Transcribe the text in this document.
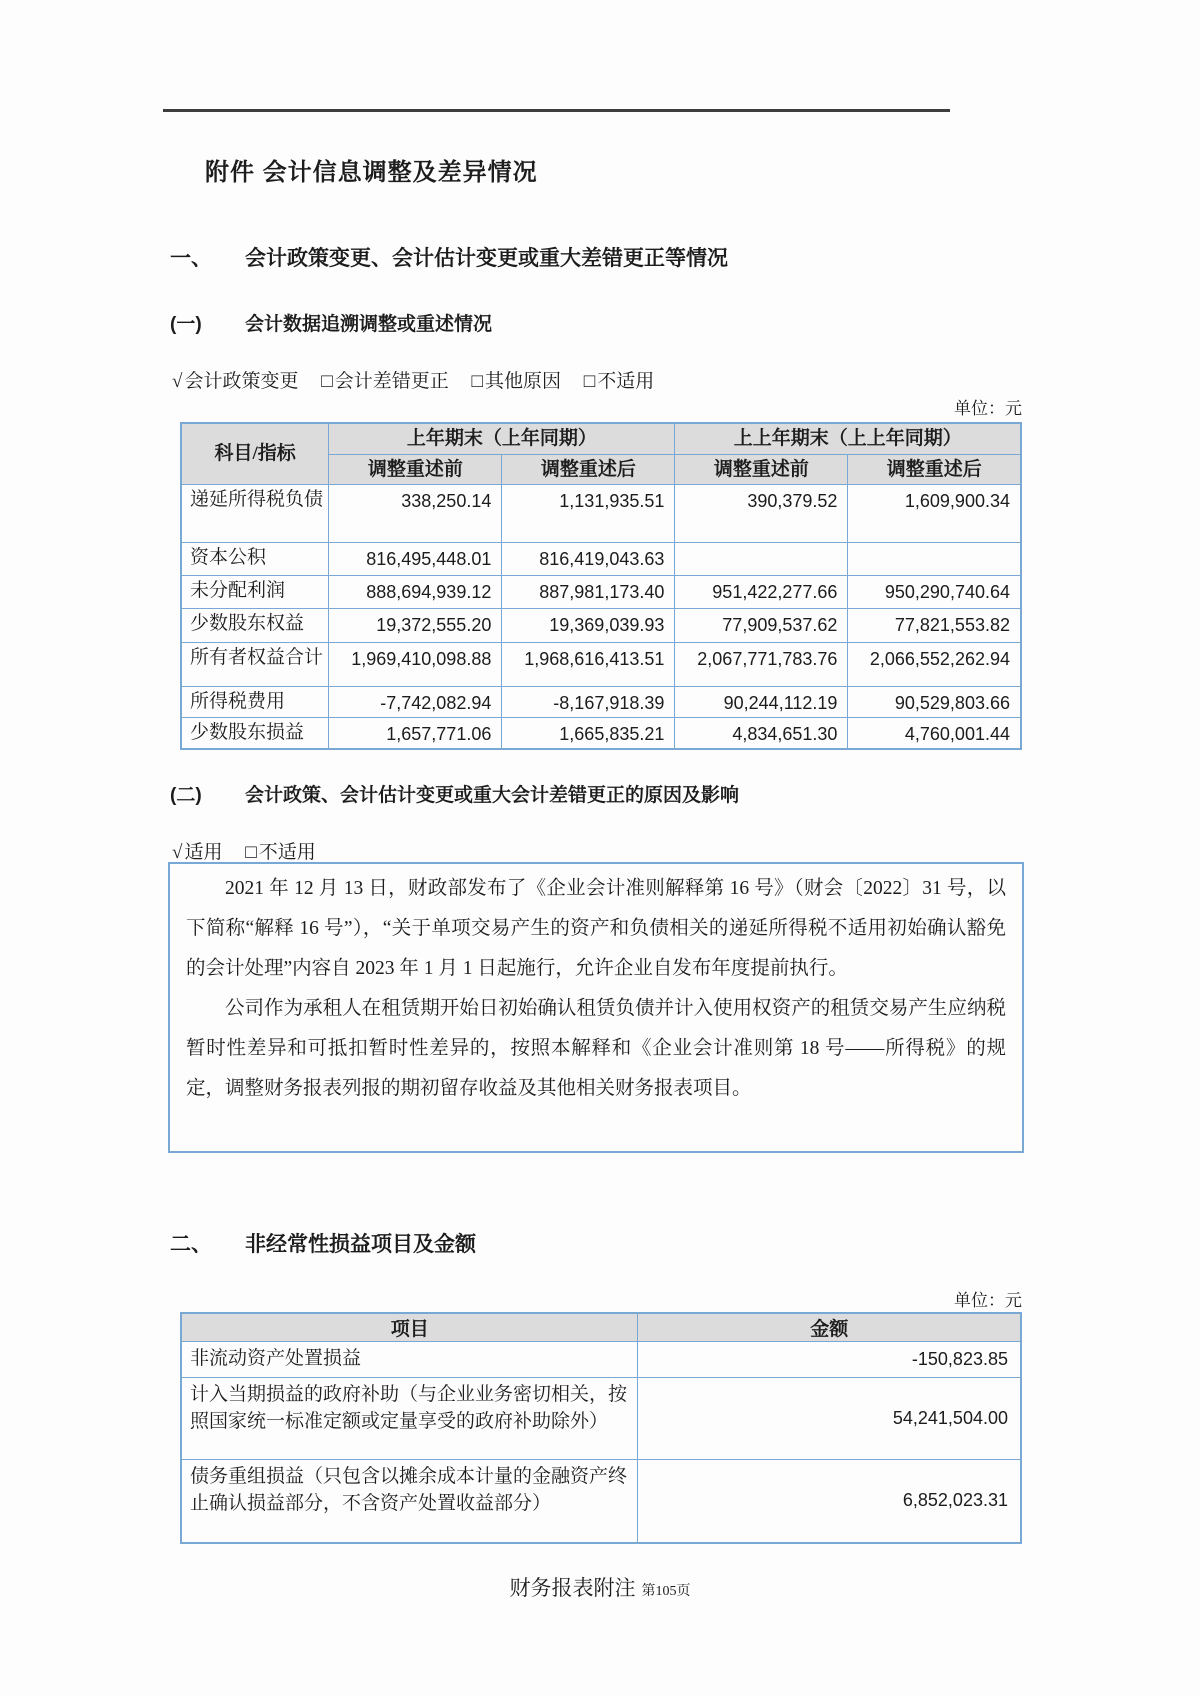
附件 会计信息调整及差异情况
一、	会计政策变更、会计估计变更或重大差错更正等情况
(一)	会计数据追溯调整或重述情况
√ 会计政策变更 □ 会计差错更正 □ 其他原因 □ 不适用
单位：元
科目/指标	上年期末（上年同期）		上上年期末（上上年同期）	
	调整重述前	调整重述后	调整重述前	调整重述后
递延所得税负债	338,250.14	1,131,935.51	390,379.52	1,609,900.34
资本公积	816,495,448.01	816,419,043.63		
未分配利润	888,694,939.12	887,981,173.40	951,422,277.66	950,290,740.64
少数股东权益	19,372,555.20	19,369,039.93	77,909,537.62	77,821,553.82
所有者权益合计	1,969,410,098.88	1,968,616,413.51	2,067,771,783.76	2,066,552,262.94
所得税费用	-7,742,082.94	-8,167,918.39	90,244,112.19	90,529,803.66
少数股东损益	1,657,771.06	1,665,835.21	4,834,651.30	4,760,001.44
(二)	会计政策、会计估计变更或重大会计差错更正的原因及影响
√ 适用 □ 不适用

2021 年 12 月 13 日，财政部发布了《企业会计准则解释第 16 号》（财会〔2022〕31 号，以下简称“解释 16 号”），“关于单项交易产生的资产和负债相关的递延所得税不适用初始确认豁免的会计处理”内容自 2023 年 1 月 1 日起施行，允许企业自发布年度提前执行。

公司作为承租人在租赁期开始日初始确认租赁负债并计入使用权资产的租赁交易产生应纳税暂时性差异和可抵扣暂时性差异的，按照本解释和《企业会计准则第 18 号——所得税》的规定，调整财务报表列报的期初留存收益及其他相关财务报表项目。

二、	非经常性损益项目及金额
单位：元
项目	金额
非流动资产处置损益	-150,823.85
计入当期损益的政府补助（与企业业务密切相关，按照国家统一标准定额或定量享受的政府补助除外）	54,241,504.00
债务重组损益（只包含以摊余成本计量的金融资产终止确认损益部分，不含资产处置收益部分）	6,852,023.31
财务报表附注 第105页
